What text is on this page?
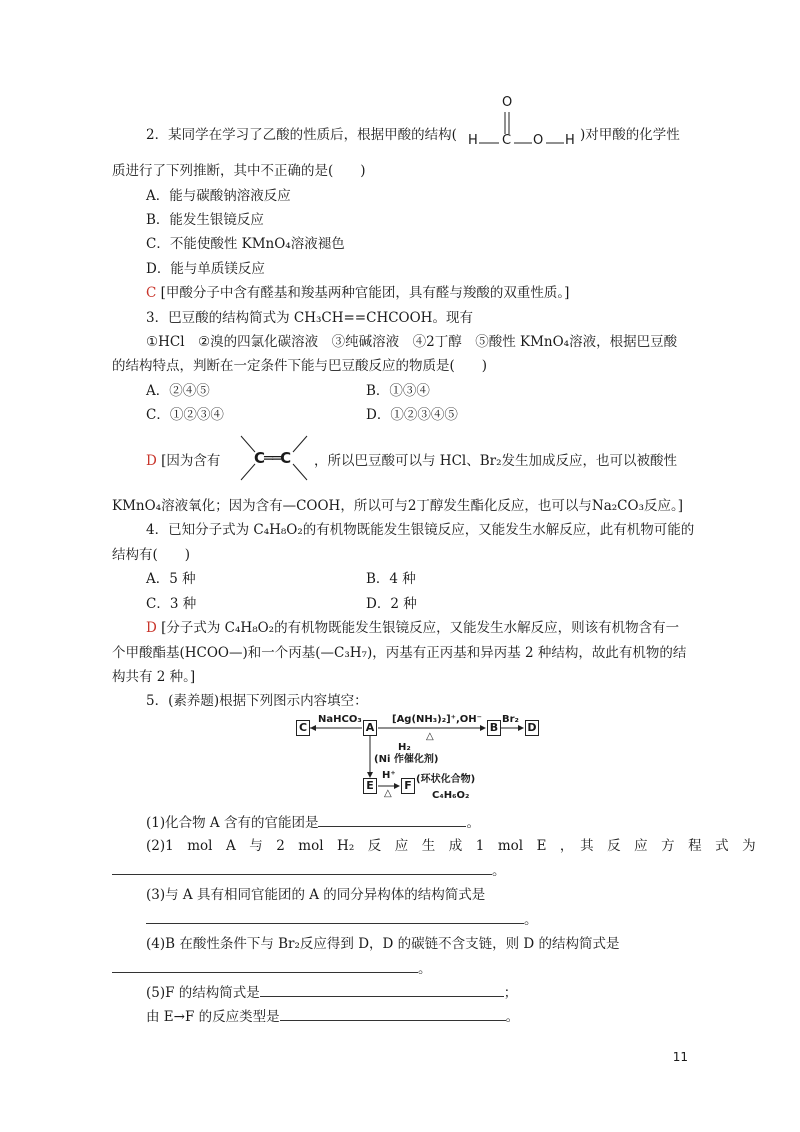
2．某同学在学习了乙酸的性质后，根据甲酸的结构(
O
H C O H )对甲酸的化学性
质进行了下列推断，其中不正确的是(　　)
A．能与碳酸钠溶液反应
B．能发生银镜反应
C．不能使酸性 KMnO₄溶液褪色
D．能与单质镁反应
C [甲酸分子中含有醛基和羧基两种官能团，具有醛与羧酸的双重性质。]
3．巴豆酸的结构简式为 CH₃CH==CHCOOH。现有
①HCl　②溴的四氯化碳溶液　③纯碱溶液　④2丁醇　⑤酸性 KMnO₄溶液，根据巴豆酸
的结构特点，判断在一定条件下能与巴豆酸反应的物质是(　　)
A．②④⑤	B．①③④
C．①②③④	D．①②③④⑤
D [因为含有 C══C ，所以巴豆酸可以与 HCl、Br₂发生加成反应，也可以被酸性
KMnO₄溶液氧化；因为含有—COOH，所以可与2丁醇发生酯化反应，也可以与Na₂CO₃反应。]
4．已知分子式为 C₄H₈O₂的有机物既能发生银镜反应，又能发生水解反应，此有机物可能的
结构有(　　)
A．5 种	B．4 种
C．3 种	D．2 种
D [分子式为 C₄H₈O₂的有机物既能发生银镜反应，又能发生水解反应，则该有机物含有一
个甲酸酯基(HCOO—)和一个丙基(—C₃H₇)，丙基有正丙基和异丙基 2 种结构，故此有机物的结
构共有 2 种。]
5．(素养题)根据下列图示内容填空：
C	A	B	D
E	F
NaHCO₃	[Ag(NH₃)₂]⁺,OH⁻
△
Br₂
H₂
(Ni 作催化剂)
H⁺
△
(环状化合物)
C₄H₆O₂
(1)化合物 A 含有的官能团是	。
(2)1　mol　A　与　2　mol　H₂　反　应　生　成　1　mol　E　，　其　反　应　方　程　式　为
。
(3)与 A 具有相同官能团的 A 的同分异构体的结构简式是
。
(4)B 在酸性条件下与 Br₂反应得到 D，D 的碳链不含支链，则 D 的结构简式是
。
(5)F 的结构简式是	；
由 E→F 的反应类型是	。
11
